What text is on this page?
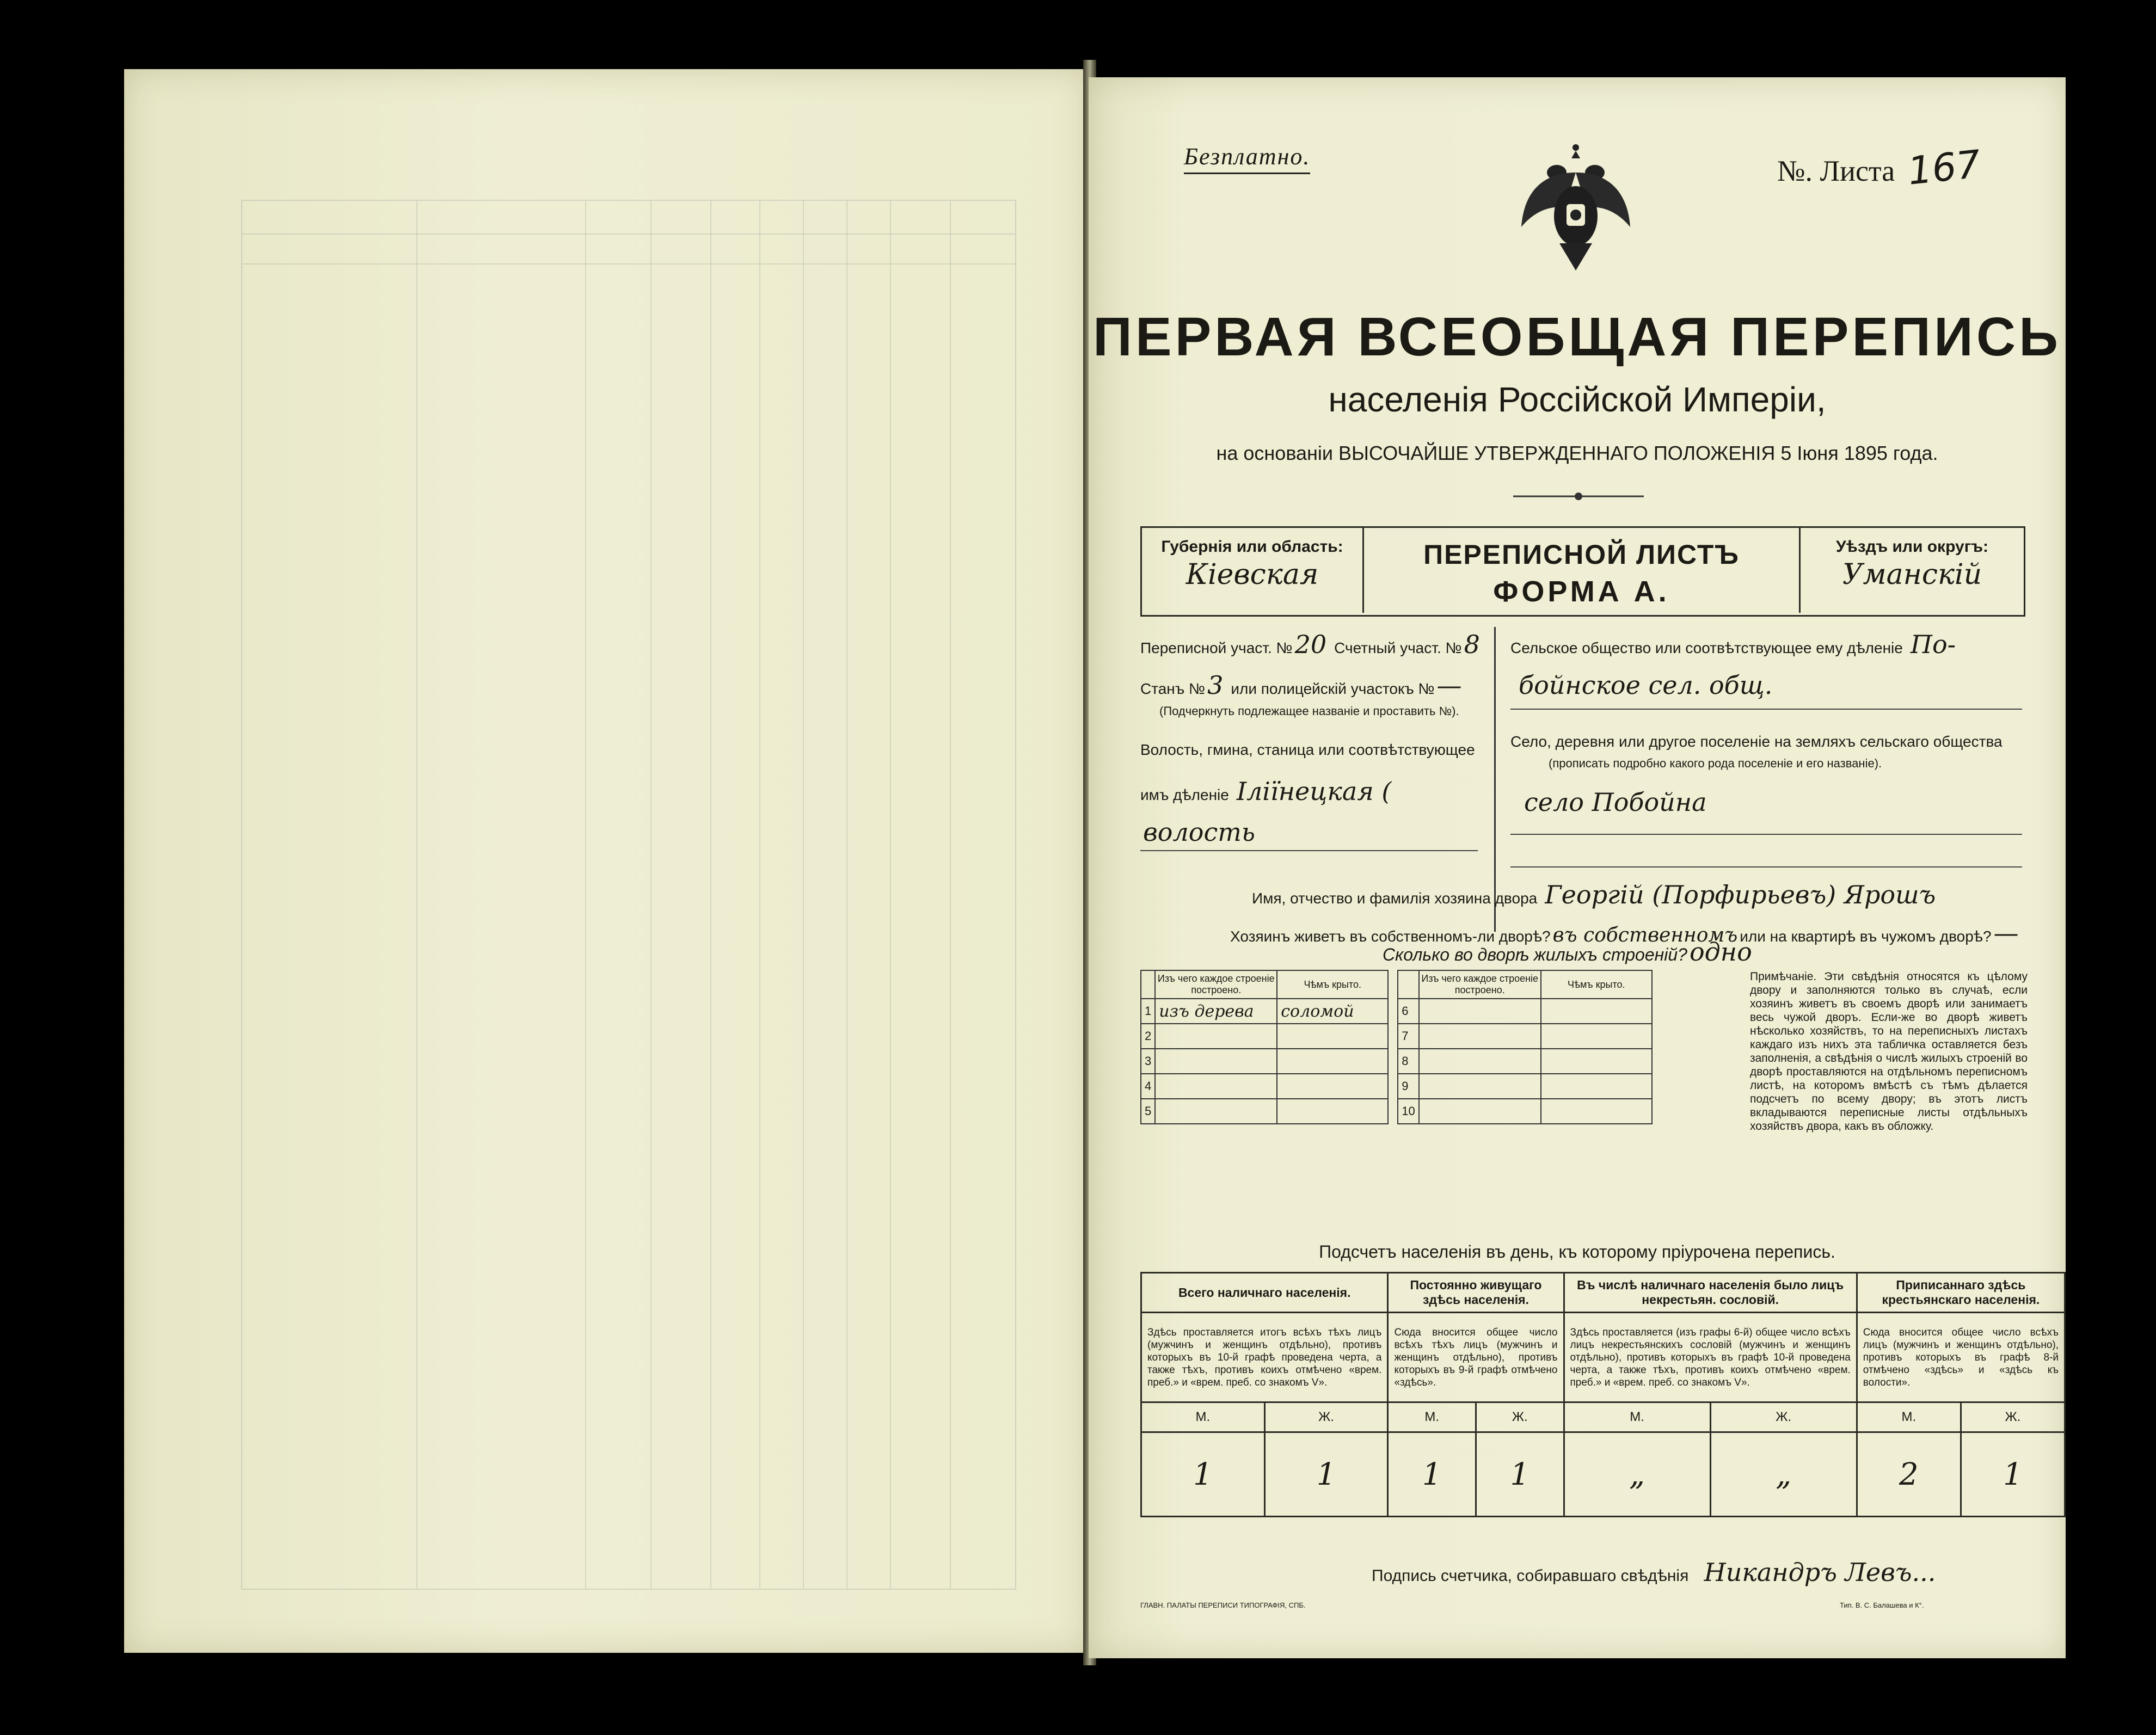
Безплатно.	№. Листа 167
ПЕРВАЯ ВСЕОБЩАЯ ПЕРЕПИСЬ
населенія Россійской Имперіи,
на основаніи ВЫСОЧАЙШЕ УТВЕРЖДЕННАГО ПОЛОЖЕНІЯ 5 Іюня 1895 года.
Губернія или область:
Кіевская
ПЕРЕПИСНОЙ ЛИСТЪ
ФОРМА А.
Уѣздъ или округъ:
Уманскій
Переписной участ. № 20 Счетный участ. № 8
Станъ № 3 или полицейскій участокъ № —
(Подчеркнуть подлежащее названіе и проставить №).
Волость, гмина, станица или соотвѣтствующее
имъ дѣленіе Іліїнецкая (
волость
Сельское общество или соотвѣтствующее ему дѣленіе По-
бойнское сел. общ.
Село, деревня или другое поселеніе на земляхъ сельскаго общества
(прописать подробно какого рода поселеніе и его названіе).
село Побойна
Имя, отчество и фамилія хозяина двора Георгій (Порфирьевъ) Ярошъ
Хозяинъ живетъ въ собственномъ-ли дворѣ? въ собственномъ или на квартирѣ въ чужомъ дворѣ? —
Сколько во дворѣ жилыхъ строеній? одно
	Изъ чего каждое строеніе построено.	Чѣмъ крыто.			Изъ чего каждое строеніе построено.	Чѣмъ крыто.
1	изъ дерева	соломой		6		
2				7		
3				8		
4				9		
5				10		
Примѣчаніе. Эти свѣдѣнія относятся къ цѣлому двору и заполняются только въ случаѣ, если хозяинъ живетъ въ своемъ дворѣ или занимаетъ весь чужой дворъ. Если-же во дворѣ живетъ нѣсколько хозяйствъ, то на переписныхъ листахъ каждаго изъ нихъ эта табличка оставляется безъ заполненія, а свѣдѣнія о числѣ жилыхъ строеній во дворѣ проставляются на отдѣльномъ переписномъ листѣ, на которомъ вмѣстѣ съ тѣмъ дѣлается подсчетъ по всему двору; въ этотъ листъ вкладываются переписные листы отдѣльныхъ хозяйствъ двора, какъ въ обложку.
Подсчетъ населенія въ день, къ которому пріурочена перепись.
Всего наличнаго населенія.		Постоянно живущаго здѣсь населенія.		Въ числѣ наличнаго населенія было лицъ некрестьян. сословій.		Приписаннаго здѣсь крестьянскаго населенія.	
Здѣсь проставляется итогъ всѣхъ тѣхъ лицъ (мужчинъ и женщинъ отдѣльно), противъ которыхъ въ 10-й графѣ проведена черта, а также тѣхъ, противъ коихъ отмѣчено «врем. преб.» и «врем. преб. со знакомъ V».		Сюда вносится общее число всѣхъ тѣхъ лицъ (мужчинъ и женщинъ отдѣльно), противъ которыхъ въ 9-й графѣ отмѣчено «здѣсь».		Здѣсь проставляется (изъ графы 6-й) общее число всѣхъ лицъ некрестьянскихъ сословій (мужчинъ и женщинъ отдѣльно), противъ которыхъ въ графѣ 10-й проведена черта, а также тѣхъ, противъ коихъ отмѣчено «врем. преб.» и «врем. преб. со знакомъ V».		Сюда вносится общее число всѣхъ лицъ (мужчинъ и женщинъ отдѣльно), противъ которыхъ въ графѣ 8-й отмѣчено «здѣсь» и «здѣсь къ волости».	
М.	Ж.	М.	Ж.	М.	Ж.	М.	Ж.
1	1	1	1	„	„	2	1
Подпись счетчика, собиравшаго свѣдѣнія Никандръ Левъ...
ГЛАВН. ПАЛАТЫ ПЕРЕПИСИ ТИПОГРАФІЯ, СПБ.	Тип. В. С. Балашева и К°.
